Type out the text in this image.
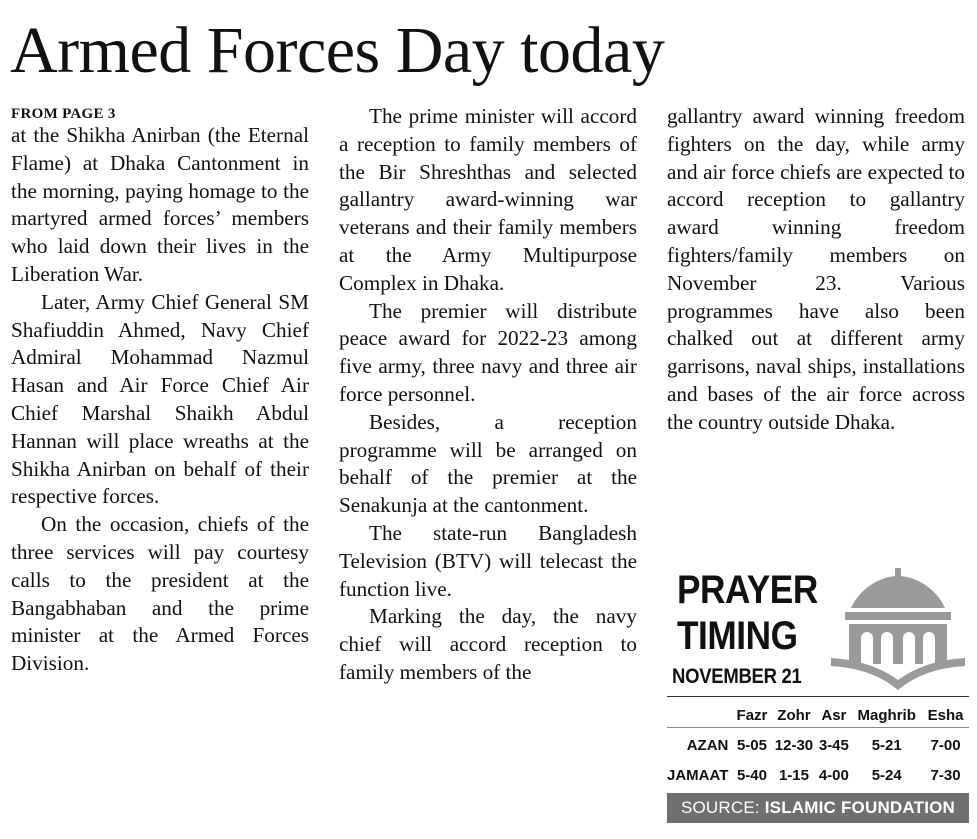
Armed Forces Day today
FROM PAGE 3

at the Shikha Anirban (the Eternal Flame) at Dhaka Cantonment in the morning, paying homage to the martyred armed forces’ members who laid down their lives in the Liberation War.

Later, Army Chief General SM Shafiuddin Ahmed, Navy Chief Admiral Mohammad Nazmul Hasan and Air Force Chief Air Chief Marshal Shaikh Abdul Hannan will place wreaths at the Shikha Anirban on behalf of their respective forces.

On the occasion, chiefs of the three services will pay courtesy calls to the president at the Bangabhaban and the prime minister at the Armed Forces Division.

The prime minister will accord a reception to family members of the Bir Shreshthas and selected gallantry award-winning war veterans and their family members at the Army Multipurpose Complex in Dhaka.

The premier will distribute peace award for 2022-23 among five army, three navy and three air force personnel.

Besides, a reception programme will be arranged on behalf of the premier at the Senakunja at the cantonment.

The state-run Bangladesh Television (BTV) will telecast the function live.

Marking the day, the navy chief will accord reception to family members of the

gallantry award winning freedom fighters on the day, while army and air force chiefs are expected to accord reception to gallantry award winning freedom fighters/family members on November 23. Various programmes have also been chalked out at different army garrisons, naval ships, installations and bases of the air force across the country outside Dhaka.

PRAYER
TIMING
NOVEMBER 21
	Fazr	Zohr	Asr	Maghrib	Esha
AZAN	5-05	12-30	3-45	5-21	7-00
JAMAAT	5-40	1-15	4-00	5-24	7-30
SOURCE: ISLAMIC FOUNDATION
